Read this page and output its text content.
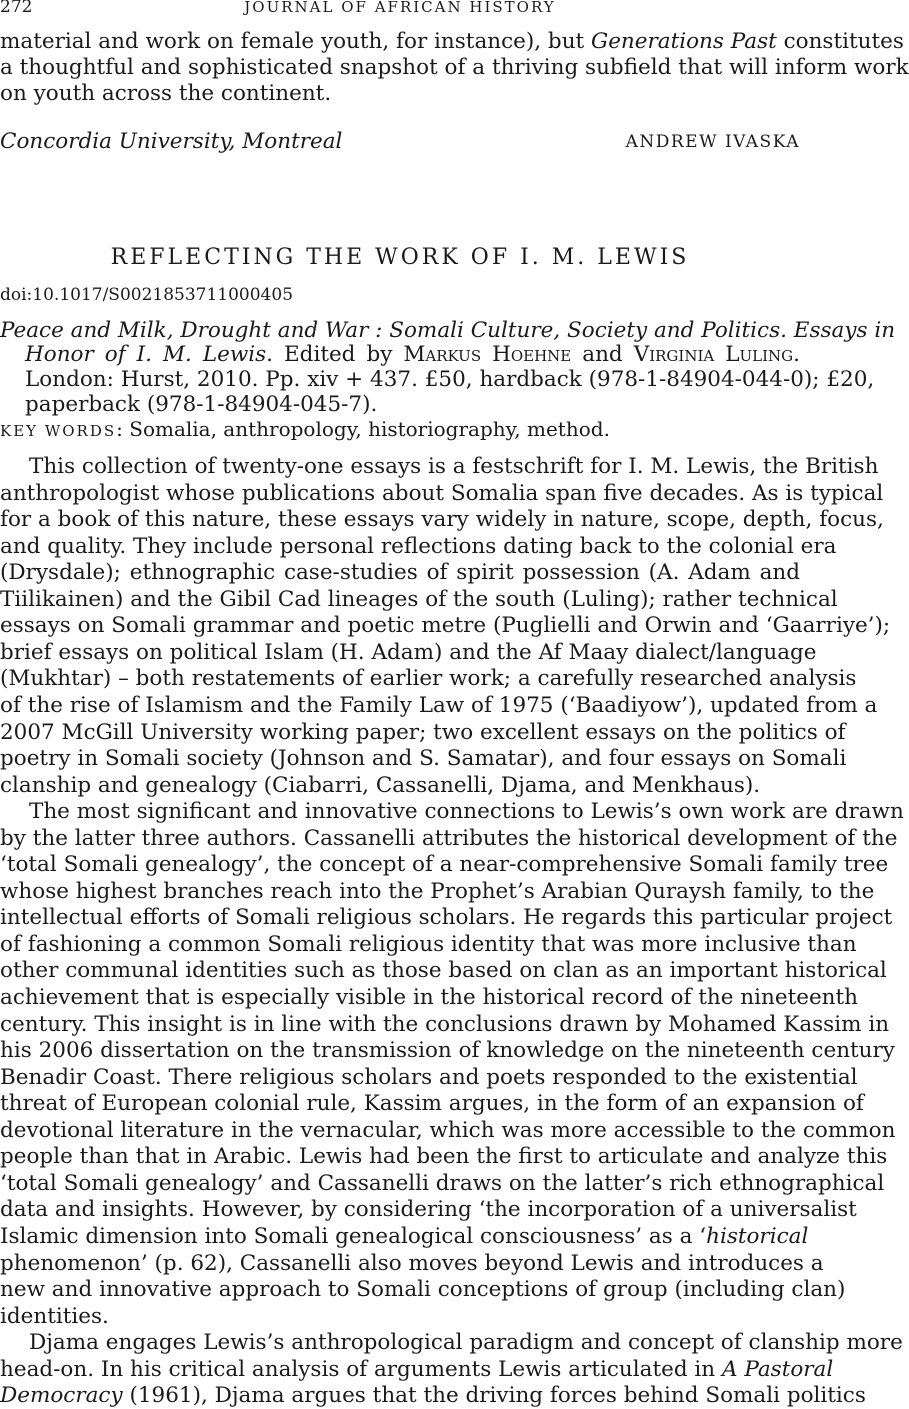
272	JOURNAL OF AFRICAN HISTORY
material and work on female youth, for instance), but Generations Past constitutes
a thoughtful and sophisticated snapshot of a thriving subfield that will inform work
on youth across the continent.
Concordia University, Montreal	ANDREW IVASKA
REFLECTING THE WORK OF I. M. LEWIS
doi:10.1017/S0021853711000405
Peace and Milk, Drought and War : Somali Culture, Society and Politics. Essays in
Honor of I. M. Lewis. Edited by Markus Hoehne and Virginia Luling.
London: Hurst, 2010. Pp. xiv + 437. £50, hardback (978-1-84904-044-0); £20,
paperback (978-1-84904-045-7).
KEY WORDS: Somalia, anthropology, historiography, method.
This collection of twenty-one essays is a festschrift for I. M. Lewis, the British
anthropologist whose publications about Somalia span five decades. As is typical
for a book of this nature, these essays vary widely in nature, scope, depth, focus,
and quality. They include personal reflections dating back to the colonial era
(Drysdale); ethnographic case-studies of spirit possession (A. Adam and
Tiilikainen) and the Gibil Cad lineages of the south (Luling); rather technical
essays on Somali grammar and poetic metre (Puglielli and Orwin and ‘Gaarriye’);
brief essays on political Islam (H. Adam) and the Af Maay dialect/language
(Mukhtar) – both restatements of earlier work; a carefully researched analysis
of the rise of Islamism and the Family Law of 1975 (‘Baadiyow’), updated from a
2007 McGill University working paper; two excellent essays on the politics of
poetry in Somali society (Johnson and S. Samatar), and four essays on Somali
clanship and genealogy (Ciabarri, Cassanelli, Djama, and Menkhaus).
The most significant and innovative connections to Lewis’s own work are drawn
by the latter three authors. Cassanelli attributes the historical development of the
‘total Somali genealogy’, the concept of a near-comprehensive Somali family tree
whose highest branches reach into the Prophet’s Arabian Quraysh family, to the
intellectual efforts of Somali religious scholars. He regards this particular project
of fashioning a common Somali religious identity that was more inclusive than
other communal identities such as those based on clan as an important historical
achievement that is especially visible in the historical record of the nineteenth
century. This insight is in line with the conclusions drawn by Mohamed Kassim in
his 2006 dissertation on the transmission of knowledge on the nineteenth century
Benadir Coast. There religious scholars and poets responded to the existential
threat of European colonial rule, Kassim argues, in the form of an expansion of
devotional literature in the vernacular, which was more accessible to the common
people than that in Arabic. Lewis had been the first to articulate and analyze this
‘total Somali genealogy’ and Cassanelli draws on the latter’s rich ethnographical
data and insights. However, by considering ‘the incorporation of a universalist
Islamic dimension into Somali genealogical consciousness’ as a ‘historical
phenomenon’ (p. 62), Cassanelli also moves beyond Lewis and introduces a
new and innovative approach to Somali conceptions of group (including clan)
identities.
Djama engages Lewis’s anthropological paradigm and concept of clanship more
head-on. In his critical analysis of arguments Lewis articulated in A Pastoral
Democracy (1961), Djama argues that the driving forces behind Somali politics
